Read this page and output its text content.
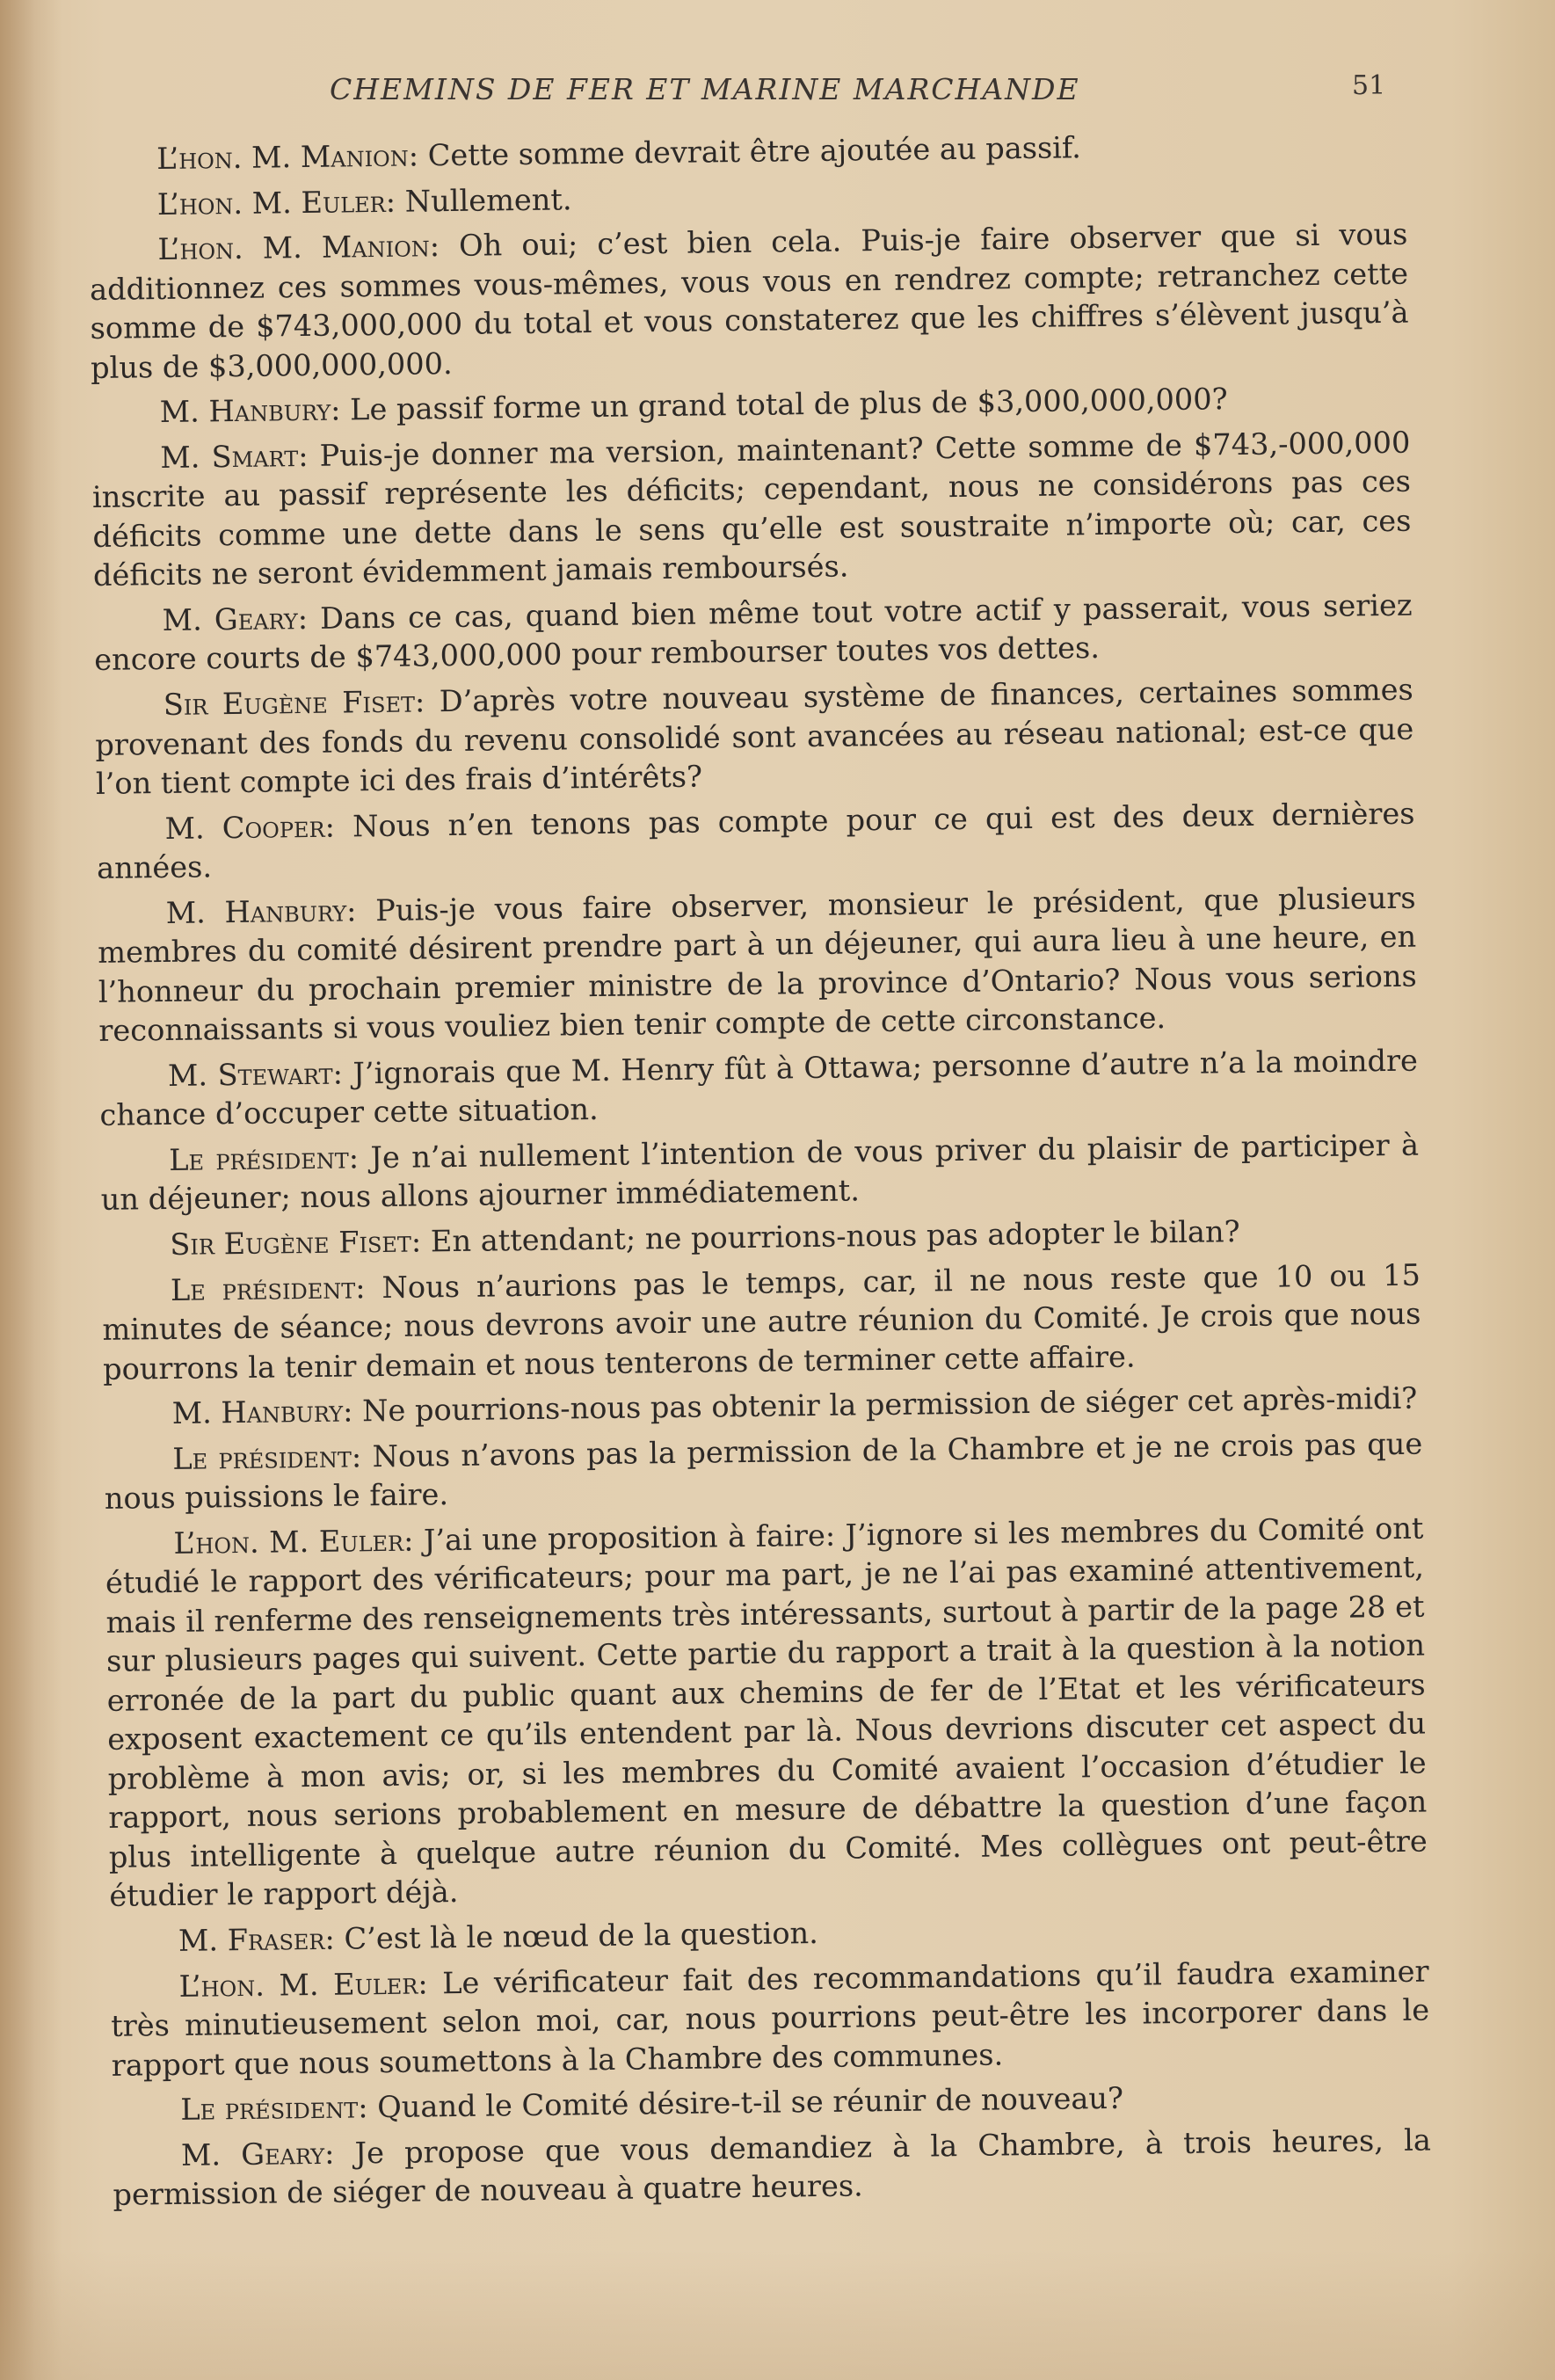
CHEMINS DE FER ET MARINE MARCHANDE	51

L’hon. M. Manion: Cette somme devrait être ajoutée au passif.

L’hon. M. Euler: Nullement.

L’hon. M. Manion: Oh oui; c’est bien cela. Puis-je faire observer que si vous additionnez ces sommes vous-mêmes, vous vous en rendrez compte; retranchez cette somme de $743,000,000 du total et vous constaterez que les chiffres s’élèvent jusqu’à plus de $3,000,000,000.

M. Hanbury: Le passif forme un grand total de plus de $3,000,000,000?

M. Smart: Puis-je donner ma version, maintenant? Cette somme de $743,-000,000 inscrite au passif représente les déficits; cependant, nous ne considérons pas ces déficits comme une dette dans le sens qu’elle est soustraite n’importe où; car, ces déficits ne seront évidemment jamais remboursés.

M. Geary: Dans ce cas, quand bien même tout votre actif y passerait, vous seriez encore courts de $743,000,000 pour rembourser toutes vos dettes.

Sir Eugène Fiset: D’après votre nouveau système de finances, certaines sommes provenant des fonds du revenu consolidé sont avancées au réseau national; est-ce que l’on tient compte ici des frais d’intérêts?

M. Cooper: Nous n’en tenons pas compte pour ce qui est des deux dernières années.

M. Hanbury: Puis-je vous faire observer, monsieur le président, que plusieurs membres du comité désirent prendre part à un déjeuner, qui aura lieu à une heure, en l’honneur du prochain premier ministre de la province d’Ontario? Nous vous serions reconnaissants si vous vouliez bien tenir compte de cette circonstance.

M. Stewart: J’ignorais que M. Henry fût à Ottawa; personne d’autre n’a la moindre chance d’occuper cette situation.

Le président: Je n’ai nullement l’intention de vous priver du plaisir de participer à un déjeuner; nous allons ajourner immédiatement.

Sir Eugène Fiset: En attendant; ne pourrions-nous pas adopter le bilan?

Le président: Nous n’aurions pas le temps, car, il ne nous reste que 10 ou 15 minutes de séance; nous devrons avoir une autre réunion du Comité. Je crois que nous pourrons la tenir demain et nous tenterons de terminer cette affaire.

M. Hanbury: Ne pourrions-nous pas obtenir la permission de siéger cet après-midi?

Le président: Nous n’avons pas la permission de la Chambre et je ne crois pas que nous puissions le faire.

L’hon. M. Euler: J’ai une proposition à faire: J’ignore si les membres du Comité ont étudié le rapport des vérificateurs; pour ma part, je ne l’ai pas examiné attentivement, mais il renferme des renseignements très intéressants, surtout à partir de la page 28 et sur plusieurs pages qui suivent. Cette partie du rapport a trait à la question à la notion erronée de la part du public quant aux chemins de fer de l’Etat et les vérificateurs exposent exactement ce qu’ils entendent par là. Nous devrions discuter cet aspect du problème à mon avis; or, si les membres du Comité avaient l’occasion d’étudier le rapport, nous serions probablement en mesure de débattre la question d’une façon plus intelligente à quelque autre réunion du Comité. Mes collègues ont peut-être étudier le rapport déjà.

M. Fraser: C’est là le nœud de la question.

L’hon. M. Euler: Le vérificateur fait des recommandations qu’il faudra examiner très minutieusement selon moi, car, nous pourrions peut-être les incorporer dans le rapport que nous soumettons à la Chambre des communes.

Le président: Quand le Comité désire-t-il se réunir de nouveau?

M. Geary: Je propose que vous demandiez à la Chambre, à trois heures, la permission de siéger de nouveau à quatre heures.
